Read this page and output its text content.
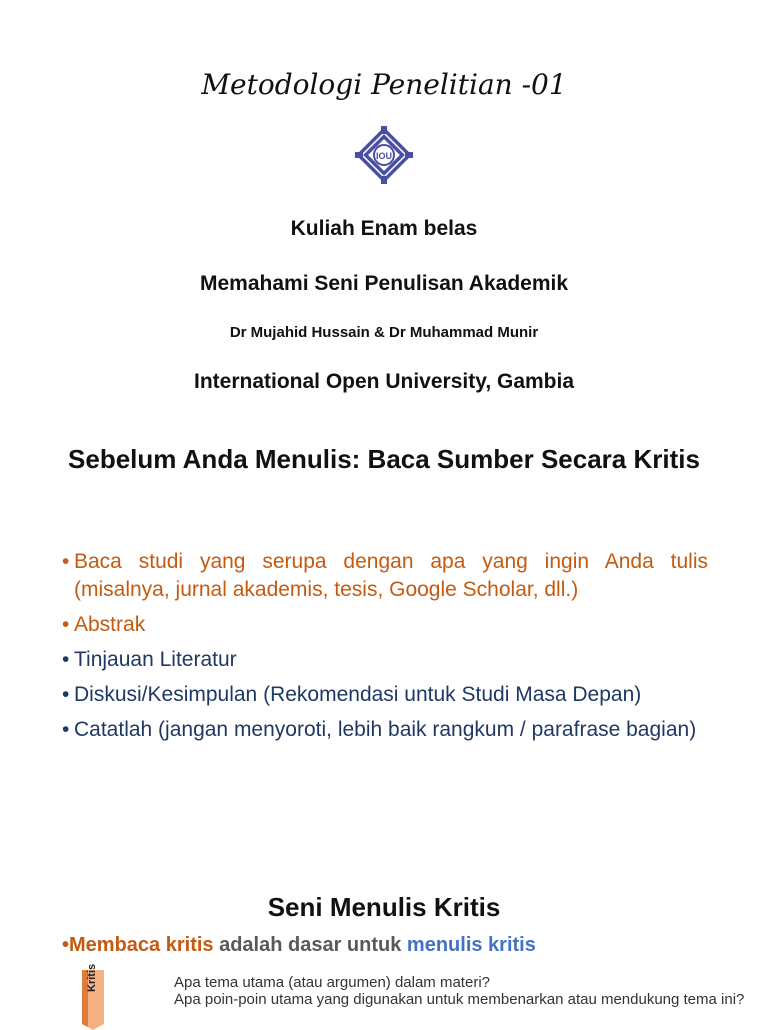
Metodologi Penelitian -01
IOU
Kuliah Enam belas
Memahami Seni Penulisan Akademik
Dr Mujahid Hussain & Dr Muhammad Munir
International Open University, Gambia
Sebelum Anda Menulis: Baca Sumber Secara Kritis
• Baca studi yang serupa dengan apa yang ingin Anda tulis (misalnya, jurnal akademis, tesis, Google Scholar, dll.)
• Abstrak
• Tinjauan Literatur
• Diskusi/Kesimpulan (Rekomendasi untuk Studi Masa Depan)
• Catatlah (jangan menyoroti, lebih baik rangkum / parafrase bagian)
Seni Menulis Kritis
•Membaca kritis adalah dasar untuk menulis kritis
Kritis	Apa tema utama (atau argumen) dalam materi?
Apa poin-poin utama yang digunakan untuk membenarkan atau mendukung tema ini?
